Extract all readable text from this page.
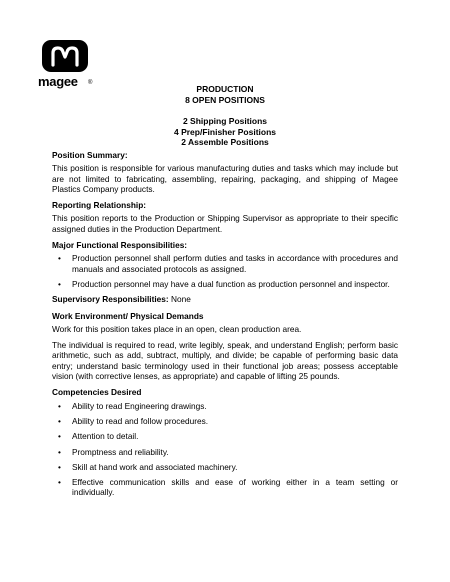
magee ®
PRODUCTION
8 OPEN POSITIONS
2 Shipping Positions
4 Prep/Finisher Positions
2 Assemble Positions
Position Summary:
This position is responsible for various manufacturing duties and tasks which may include but are not limited to fabricating, assembling, repairing, packaging, and shipping of Magee Plastics Company products.
Reporting Relationship:
This position reports to the Production or Shipping Supervisor as appropriate to their specific assigned duties in the Production Department.
Major Functional Responsibilities:
• Production personnel shall perform duties and tasks in accordance with procedures and manuals and associated protocols as assigned.
• Production personnel may have a dual function as production personnel and inspector.
Supervisory Responsibilities: None
Work Environment/ Physical Demands
Work for this position takes place in an open, clean production area.
The individual is required to read, write legibly, speak, and understand English; perform basic arithmetic, such as add, subtract, multiply, and divide; be capable of performing basic data entry; understand basic terminology used in their functional job areas; possess acceptable vision (with corrective lenses, as appropriate) and capable of lifting 25 pounds.
Competencies Desired
• Ability to read Engineering drawings.
• Ability to read and follow procedures.
• Attention to detail.
• Promptness and reliability.
• Skill at hand work and associated machinery.
• Effective communication skills and ease of working either in a team setting or individually.
